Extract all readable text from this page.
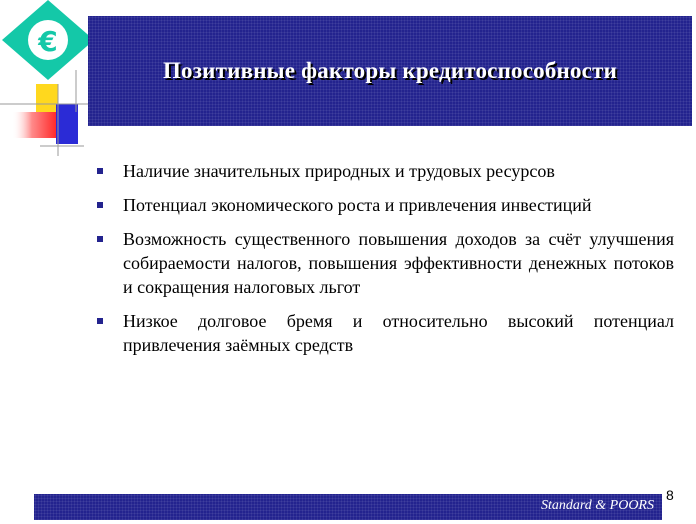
€
Позитивные факторы кредитоспособности
Наличие значительных природных и трудовых ресурсов
Потенциал экономического роста и привлечения инвестиций
Возможность существенного повышения доходов за счёт улучшения собираемости налогов, повышения эффективности денежных потоков и сокращения налоговых льгот
Низкое долговое бремя и относительно высокий потенциал привлечения заёмных средств
Standard & POORS
8
